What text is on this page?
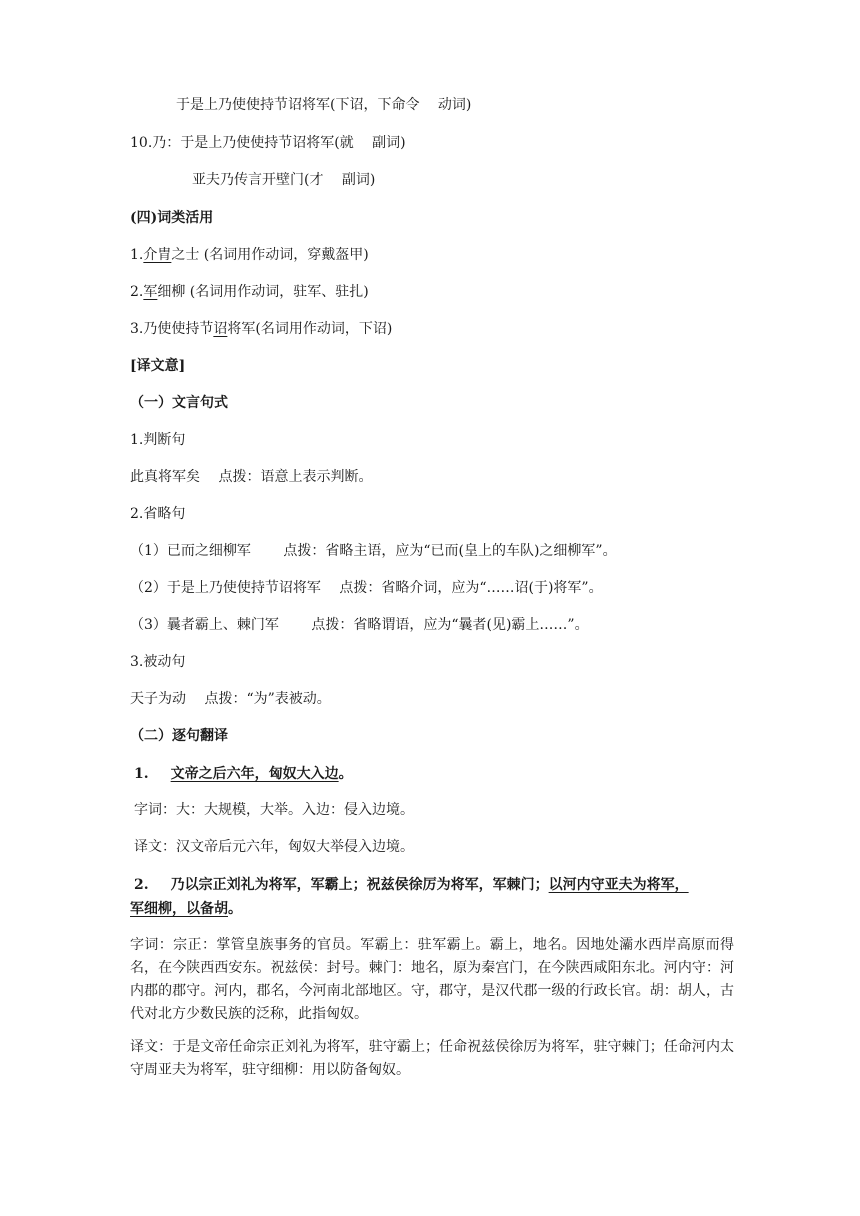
于是上乃使使持节诏将军(下诏，下命令　 动词)
10.乃：于是上乃使使持节诏将军(就　 副词)
亚夫乃传言开壁门(才　 副词)
(四)词类活用
1.介胄之士 (名词用作动词，穿戴盔甲)
2.军细柳 (名词用作动词，驻军、驻扎)
3.乃使使持节诏将军(名词用作动词，下诏)
[译文意]
（一）文言句式
1.判断句
此真将军矣　 点拨：语意上表示判断。
2.省略句
（1）已而之细柳军　 　点拨：省略主语，应为“已而(皇上的车队)之细柳军”。
（2）于是上乃使使持节诏将军　 点拨：省略介词，应为“……诏(于)将军”。
（3）曩者霸上、棘门军　 　点拨：省略谓语，应为“曩者(见)霸上……”。
3.被动句
天子为动　 点拨：“为”表被动。
（二）逐句翻译
1. 文帝之后六年，匈奴大入边。
字词：大：大规模，大举。入边：侵入边境。
译文：汉文帝后元六年，匈奴大举侵入边境。
2. 乃以宗正刘礼为将军，军霸上；祝兹侯徐厉为将军，军棘门；以河内守亚夫为将军，
军细柳，以备胡。
字词：宗正：掌管皇族事务的官员。军霸上：驻军霸上。霸上，地名。因地处灞水西岸高原而得名，在今陕西西安东。祝兹侯：封号。棘门：地名，原为秦宫门，在今陕西咸阳东北。河内守：河内郡的郡守。河内，郡名，今河南北部地区。守，郡守，是汉代郡一级的行政长官。胡：胡人，古代对北方少数民族的泛称，此指匈奴。
译文：于是文帝任命宗正刘礼为将军，驻守霸上；任命祝兹侯徐厉为将军，驻守棘门；任命河内太守周亚夫为将军，驻守细柳：用以防备匈奴。
